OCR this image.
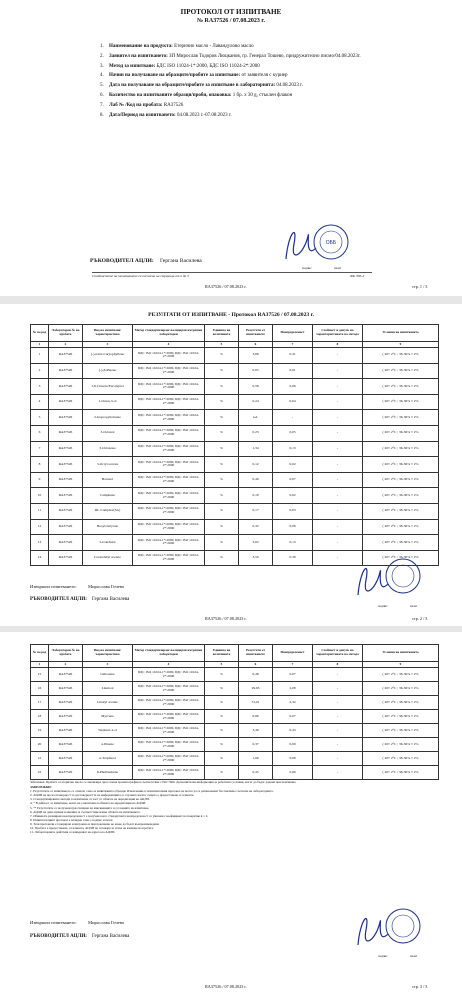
ПРОТОКОЛ ОТ ИЗПИТВАНЕ
№ RA37526 / 07.08.2023 г.
1.	Наименование на продукта: Етерично масло - Лавандулово масло
2.	Заявител на изпитването: ЗП Мирослав Тодоров Люцканов, гр. Генерал Тошево, придружително писмо/04.08.2023г.
3.	Метод за изпитване: БДС ISO 11024-1*:2000, БДС ISO 11024-2*:2000
4.	Начин на получаване на образците/пробите за изпитване: от заявителя с куриер
5.	Дата на получаване на образците/пробите за изпитване в лабораторията: 04.08.2023 г.
6.	Количество на изпитваните образци/проби, опаковка: 1 бр. х 30 g, стъклен флакон
7.	Лаб № /Код на пробата: RA37526
8.	Дата/Период на изпитването: 04.08.2023 г.-07.08.2023 г.
РЪКОВОДИТЕЛ АЦЛИ: Гергана Василева
ОББ
подпис	печат
Стойностите на изпитването са посочени на страница от 2 до 3	ФК 708-4
RA37526 / 07.08.2023 г.	стр. 1 / 3
РЕЗУЛТАТИ ОТ ИЗПИТВАНЕ - Протокол RA37526 / 07.08.2023 г.
№ по ред	Лабораторен № на пробата	Вид на изпитване/ характеристика	Метод стандартизиран/ валидиран вътрешен лабораторен	Единица на величината	Резултати от изпитването	Неопределеност	Стойност и допуск на характеристиката по метода	Условия на изпитването
1	2	3	4	5	6	7	8	9
1	RA37526	(-)-trans-Caryophyllene	БДС ISO 11024-1*:2000, БДС ISO 11024-2*:2000	%	3,68	0,31	-	( 20± 2°C ; 36-36% ± 2%
2	RA37526	(-)-β-Pinene	БДС ISO 11024-1*:2000, БДС ISO 11024-2*:2000	%	0,05	0,01	-	( 20± 2°C ; 36-36% ± 2%
3	RA37526	1,8-Cineole/Eucalyptol	БДС ISO 11024-1*:2000, БДС ISO 11024-2*:2000	%	0,58	0,06	-	( 20± 2°C ; 36-36% ± 2%
4	RA37526	1-Octen-3-ol	БДС ISO 11024-1*:2000, БДС ISO 11024-2*:2000	%	0,24	0,04	-	( 20± 2°C ; 36-36% ± 2%
5	RA37526	2-Isopropyltoluene	БДС ISO 11024-1*:2000, БДС ISO 11024-2*:2000	%	n.d.	-	-	( 20± 2°C ; 36-36% ± 2%
6	RA37526	3-Octanol	БДС ISO 11024-1*:2000, БДС ISO 11024-2*:2000	%	0,23	0,05	-	( 20± 2°C ; 36-36% ± 2%
7	RA37526	3-Octanone	БДС ISO 11024-1*:2000, БДС ISO 11024-2*:2000	%	1,34	0,13	-	( 20± 2°C ; 36-36% ± 2%
8	RA37526	3-Octyl acetate	БДС ISO 11024-1*:2000, БДС ISO 11024-2*:2000	%	0,12	0,02	-	( 20± 2°C ; 36-36% ± 2%
9	RA37526	Borneol	БДС ISO 11024-1*:2000, БДС ISO 11024-2*:2000	%	0,49	0,07	-	( 20± 2°C ; 36-36% ± 2%
10	RA37526	Camphene	БДС ISO 11024-1*:2000, БДС ISO 11024-2*:2000	%	0,18	0,02	-	( 20± 2°C ; 36-36% ± 2%
11	RA37526	DL-Camphor(SG)	БДС ISO 11024-1*:2000, БДС ISO 11024-2*:2000	%	0,17	0,03	-	( 20± 2°C ; 36-36% ± 2%
12	RA37526	Hexyl-butyrate	БДС ISO 11024-1*:2000, БДС ISO 11024-2*:2000	%	0,32	0,06	-	( 20± 2°C ; 36-36% ± 2%
13	RA37526	Lavandulol	БДС ISO 11024-1*:2000, БДС ISO 11024-2*:2000	%	3,02	0,13	-	( 20± 2°C ; 36-36% ± 2%
14	RA37526	Lavandulyl acetate	БДС ISO 11024-1*:2000, БДС ISO 11024-2*:2000	%	3,50	0,30	-	( 20± 2°C ; 36-36% ± 2%
Извършил изпитването: Мирослава Гочева
РЪКОВОДИТЕЛ АЦЛИ: Гергана Василева
подпис	печат
RA37526 / 07.08.2023 г.	стр. 2 / 3
№ по ред	Лабораторен № на пробата	Вид на изпитване/ характеристика	Метод стандартизиран/ валидиран вътрешен лабораторен	Единица на величината	Резултати от изпитването	Неопределеност	Стойност и допуск на характеристиката по метода	Условия на изпитването
1	2	3	4	5	6	7	8	9
15	RA37526	Limonene	БДС ISO 11024-1*:2000, БДС ISO 11024-2*:2000	%	0,48	0,07	-	( 20± 2°C ; 36-36% ± 2%
16	RA37526	Linalool	БДС ISO 11024-1*:2000, БДС ISO 11024-2*:2000	%	29,65	2,08	-	( 20± 2°C ; 36-36% ± 2%
17	RA37526	Linalyl acetate	БДС ISO 11024-1*:2000, БДС ISO 11024-2*:2000	%	31,01	2,32	-	( 20± 2°C ; 36-36% ± 2%
18	RA37526	Myrcene	БДС ISO 11024-1*:2000, БДС ISO 11024-2*:2000	%	0,80	0,07	-	( 20± 2°C ; 36-36% ± 2%
19	RA37526	Terpinen 4-ol	БДС ISO 11024-1*:2000, БДС ISO 11024-2*:2000	%	3,49	0,43	-	( 20± 2°C ; 36-36% ± 2%
20	RA37526	α-Pinene	БДС ISO 11024-1*:2000, БДС ISO 11024-2*:2000	%	0,37	0,09	-	( 20± 2°C ; 36-36% ± 2%
21	RA37526	α-Terpineol	БДС ISO 11024-1*:2000, БДС ISO 11024-2*:2000	%	1,06	0,09	-	( 20± 2°C ; 36-36% ± 2%
22	RA37526	β-Phellandrene	БДС ISO 11024-1*:2000, БДС ISO 11024-2*:2000	%	0,45	0,06	-	( 20± 2°C ; 36-36% ± 2%
Забележка: Пробата от етерично масло се анализира чрез газова хроматография в съответствие с ISO 7609. Допълнителна информация за работните условия, могат да бъдат дадени при поискване.
ЗАБЕЛЕЖКИ:
1. Резултатите от изпитването се отнасят само за изпитваните образци. Извлечения от изпитвателния протокол не могат да се размножават без писмено съгласие на лабораторията.
2. АЦЛИ не носи отговорност за достоверността на информацията, в случаите когато същата е предоставена от клиента.
3. Стандартизираните методи за изпитване са част от обхвата на акредитация на АЦЛИ.
4. * В дейност за изпитване, която не е включена в обхвата на акредитация на АЦЛИ.
5. ** Резултатите са получени при спазване на изискванията за условията на изпитване.
6. АЦЛИ не дава оценки и мнения за съответствие извън обхвата на изпитването.
7. Обявената разширена неопределеност е получена като стандартната неопределеност се умножи с коефициент на покритие k = 2.
8. Изпитвателният протокол е валиден само с подпис и печат.
9. Тези протоколи е генериран електронно и при показване не може да бъдат възпроизвеждани.
10. Пробата е предоставена, от клиента, АЦЛИ не отговаря за етапа на вземане на пробата.
11. Лабораторните действия се извършват на адреса на АЦЛИ.
Извършил изпитването: Мирослава Гочева
РЪКОВОДИТЕЛ АЦЛИ: Гергана Василева
подпис	печат
RA37526 / 07.08.2023 г.	стр. 3 / 3
